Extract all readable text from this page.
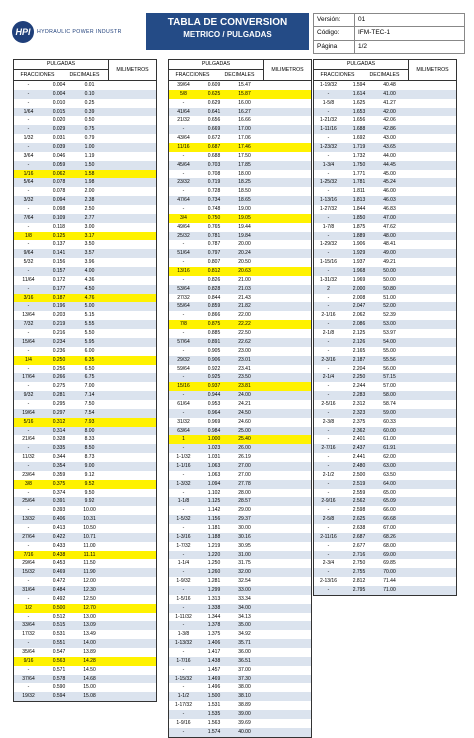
HPI	HYDRAULIC POWER INDUSTR
TABLA DE CONVERSION
METRICO / PULGADAS
Versión:	01
Código:	IFM-TEC-1
Página	1/2
PULGADAS
FRACCIONES	DECIMALES
MILIMETROS
-	0.004	0.01
-	0.004	0.10
-	0.010	0.25
1/64	0.015	0.39
-	0.020	0.50
-	0.029	0.75
1/32	0.031	0.79
-	0.039	1.00
3/64	0.046	1.19
-	0.059	1.50
1/16	0.062	1.58
5/64	0.078	1.98
-	0.078	2.00
3/32	0.094	2.38
-	0.098	2.50
7/64	0.109	2.77
-	0.118	3.00
1/8	0.125	3.17
-	0.137	3.50
9/64	0.141	3.57
5/32	0.156	3.96
-	0.157	4.00
11/64	0.172	4.36
-	0.177	4.50
3/16	0.187	4.76
-	0.196	5.00
13/64	0.203	5.15
7/32	0.219	5.55
-	0.216	5.50
15/64	0.234	5.95
-	0.236	6.00
1/4	0.250	6.35
-	0.256	6.50
17/64	0.266	6.75
-	0.275	7.00
9/32	0.281	7.14
-	0.295	7.50
19/64	0.297	7.54
5/16	0.312	7.93
-	0.314	8.00
21/64	0.328	8.33
-	0.335	8.50
11/32	0.344	8.73
-	0.354	9.00
23/64	0.359	9.12
3/8	0.375	9.52
-	0.374	9.50
25/64	0.391	9.92
-	0.393	10.00
13/32	0.406	10.31
-	0.413	10.50
27/64	0.422	10.71
-	0.433	11.00
7/16	0.438	11.11
29/64	0.453	11.50
15/32	0.469	11.90
-	0.472	12.00
31/64	0.484	12.30
-	0.492	12.50
1/2	0.500	12.70
-	0.512	13.00
33/64	0.515	13.09
17/32	0.531	13.49
-	0.551	14.00
35/64	0.547	13.89
9/16	0.563	14.28
-	0.571	14.50
37/64	0.578	14.68
-	0.590	15.00
19/32	0.594	15.08
PULGADAS
FRACCIONES	DECIMALES
MILIMETROS
39/64	0.609	15.47
5/8	0.625	15.87
-	0.629	16.00
41/64	0.641	16.27
21/32	0.656	16.66
-	0.669	17.00
43/64	0.672	17.06
11/16	0.687	17.46
-	0.688	17.50
45/64	0.703	17.85
-	0.708	18.00
23/32	0.719	18.25
-	0.728	18.50
47/64	0.734	18.65
-	0.748	19.00
3/4	0.750	19.05
49/64	0.765	19.44
25/32	0.781	19.84
-	0.787	20.00
51/64	0.797	20.24
-	0.807	20.50
13/16	0.812	20.63
-	0.826	21.00
53/64	0.828	21.03
27/32	0.844	21.43
55/64	0.859	21.82
-	0.866	22.00
7/8	0.875	22.22
-	0.885	22.50
57/64	0.891	22.62
-	0.905	23.00
29/32	0.906	23.01
59/64	0.922	23.41
-	0.925	23.50
15/16	0.937	23.81
-	0.944	24.00
61/64	0.953	24.21
-	0.964	24.50
31/32	0.969	24.60
63/64	0.984	25.00
1	1.000	25.40
-	1.023	26.00
1-1/32	1.031	26.19
1-1/16	1.063	27.00
-	1.063	27.00
1-3/32	1.094	27.78
-	1.102	28.00
1-1/8	1.125	28.57
-	1.142	29.00
1-5/32	1.156	29.37
-	1.181	30.00
1-3/16	1.188	30.16
1-7/32	1.219	30.95
-	1.220	31.00
1-1/4	1.250	31.75
-	1.260	32.00
1-9/32	1.281	32.54
-	1.299	33.00
1-5/16	1.313	33.34
-	1.338	34.00
1-11/32	1.344	34.13
-	1.378	35.00
1-3/8	1.375	34.92
1-13/32	1.406	35.71
-	1.417	36.00
1-7/16	1.438	36.51
-	1.457	37.00
1-15/32	1.469	37.30
-	1.496	38.00
1-1/2	1.500	38.10
1-17/32	1.531	38.89
-	1.535	39.00
1-9/16	1.563	39.69
-	1.574	40.00
PULGADAS
FRACCIONES	DECIMALES
MILIMETROS
1-19/32	1.594	40.48
-	1.614	41.00
1-5/8	1.625	41.27
-	1.653	42.00
1-21/32	1.656	42.06
1-11/16	1.688	42.86
-	1.692	43.00
1-23/32	1.719	43.65
-	1.732	44.00
1-3/4	1.750	44.45
-	1.771	45.00
1-25/32	1.781	45.24
-	1.811	46.00
1-13/16	1.813	46.03
1-27/32	1.844	46.83
-	1.850	47.00
1-7/8	1.875	47.62
-	1.889	48.00
1-29/32	1.906	48.41
-	1.929	49.00
1-15/16	1.937	49.21
-	1.968	50.00
1-31/32	1.969	50.00
2	2.000	50.80
-	2.008	51.00
-	2.047	52.00
2-1/16	2.062	52.39
-	2.086	53.00
2-1/8	2.125	53.97
-	2.126	54.00
-	2.165	55.00
2-3/16	2.187	55.56
-	2.204	56.00
2-1/4	2.250	57.15
-	2.244	57.00
-	2.283	58.00
2-5/16	2.312	58.74
-	2.323	59.00
2-3/8	2.375	60.33
-	2.362	60.00
-	2.401	61.00
2-7/16	2.437	61.91
-	2.441	62.00
-	2.480	63.00
2-1/2	2.500	63.50
-	2.519	64.00
-	2.559	65.00
2-9/16	2.562	65.09
-	2.598	66.00
2-5/8	2.625	66.68
-	2.638	67.00
2-11/16	2.687	68.26
-	2.677	68.00
-	2.716	69.00
2-3/4	2.750	69.85
-	2.755	70.00
2-13/16	2.812	71.44
-	2.795	71.00
